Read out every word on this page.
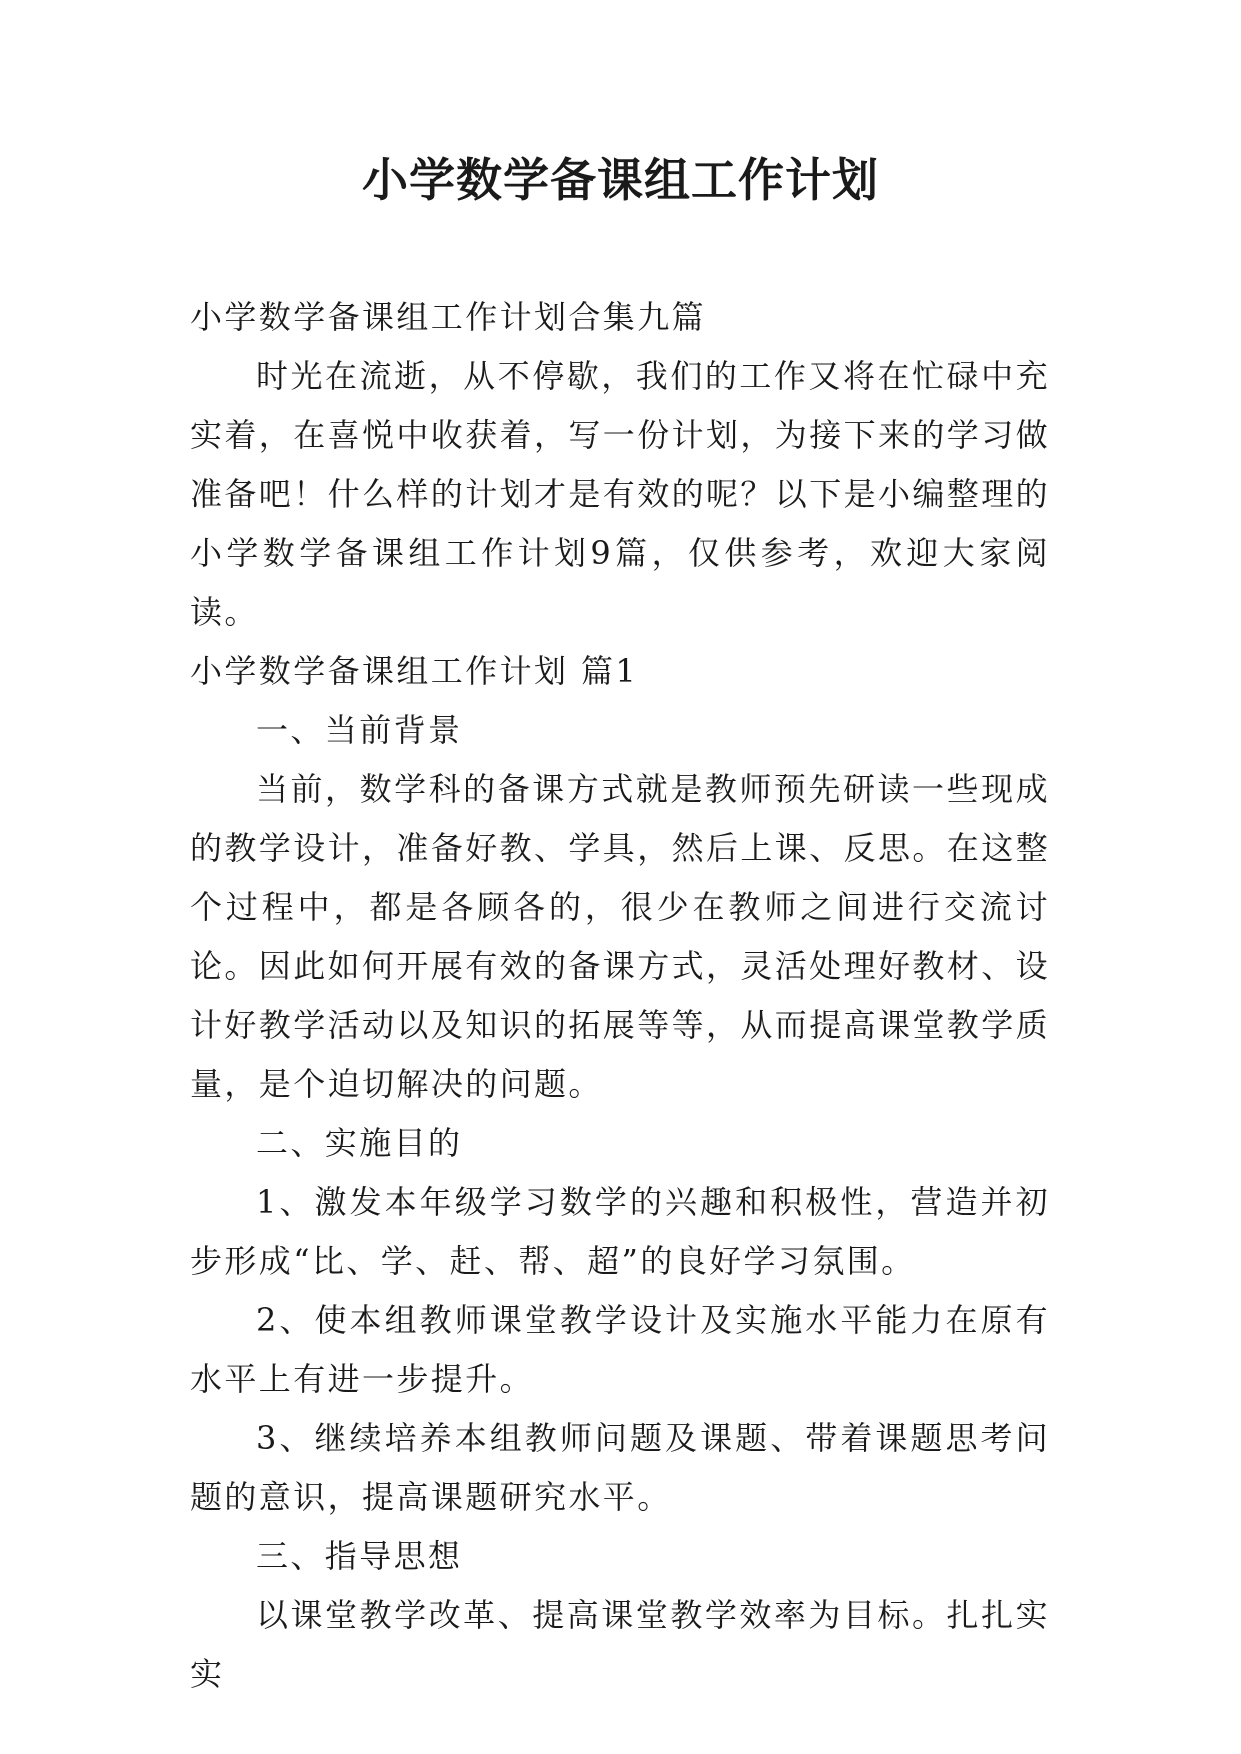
小学数学备课组工作计划

小学数学备课组工作计划合集九篇

时光在流逝，从不停歇，我们的工作又将在忙碌中充实着，在喜悦中收获着，写一份计划，为接下来的学习做准备吧！什么样的计划才是有效的呢？以下是小编整理的小学数学备课组工作计划9篇，仅供参考，欢迎大家阅读。

小学数学备课组工作计划 篇1

一、当前背景

当前，数学科的备课方式就是教师预先研读一些现成的教学设计，准备好教、学具，然后上课、反思。在这整个过程中，都是各顾各的，很少在教师之间进行交流讨论。因此如何开展有效的备课方式，灵活处理好教材、设计好教学活动以及知识的拓展等等，从而提高课堂教学质量，是个迫切解决的问题。

二、实施目的

1、激发本年级学习数学的兴趣和积极性，营造并初步形成“比、学、赶、帮、超”的良好学习氛围。

2、使本组教师课堂教学设计及实施水平能力在原有水平上有进一步提升。

3、继续培养本组教师问题及课题、带着课题思考问题的意识，提高课题研究水平。

三、指导思想

以课堂教学改革、提高课堂教学效率为目标。扎扎实实
